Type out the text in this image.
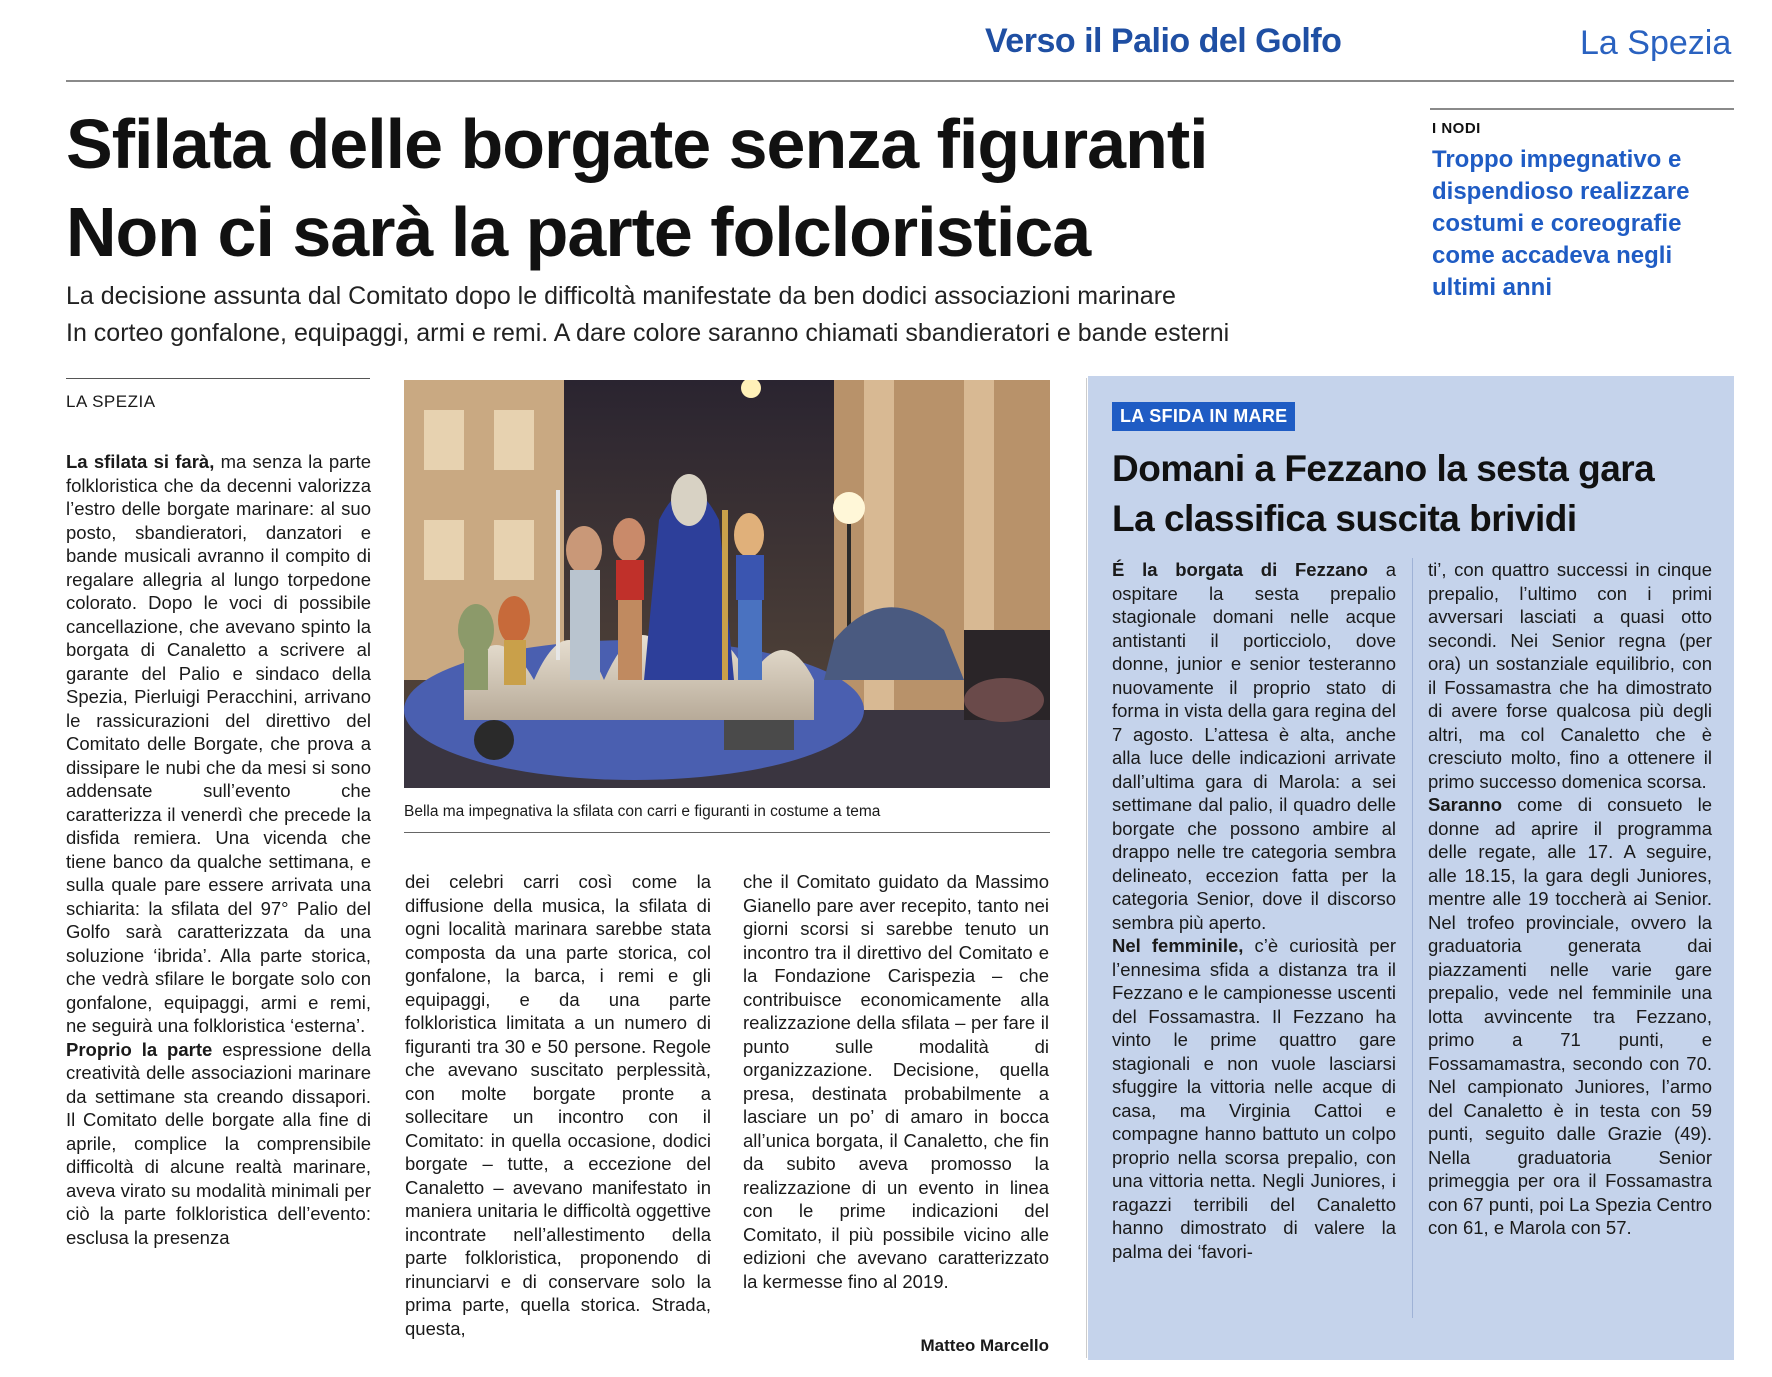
Verso il Palio del Golfo	La Spezia
Sfilata delle borgate senza figuranti
Non ci sarà la parte folcloristica
La decisione assunta dal Comitato dopo le difficoltà manifestate da ben dodici associazioni marinare
In corteo gonfalone, equipaggi, armi e remi. A dare colore saranno chiamati sbandieratori e bande esterni
I NODI
Troppo impegnativo e dispendioso realizzare costumi e coreografie come accadeva negli ultimi anni
LA SPEZIA

La sfilata si farà, ma senza la parte folkloristica che da decenni valorizza l’estro delle borgate marinare: al suo posto, sbandieratori, danzatori e bande musicali avranno il compito di regalare allegria al lungo torpedone colorato. Dopo le voci di possibile cancellazione, che avevano spinto la borgata di Canaletto a scrivere al garante del Palio e sindaco della Spezia, Pierluigi Peracchini, arrivano le rassicurazioni del direttivo del Comitato delle Borgate, che prova a dissipare le nubi che da mesi si sono addensate sull’evento che caratterizza il venerdì che precede la disfida remiera. Una vicenda che tiene banco da qualche settimana, e sulla quale pare essere arrivata una schiarita: la sfilata del 97° Palio del Golfo sarà caratterizzata da una soluzione ‘ibrida’. Alla parte storica, che vedrà sfilare le borgate solo con gonfalone, equipaggi, armi e remi, ne seguirà una folkloristica ‘esterna’.

Proprio la parte espressione della creatività delle associazioni marinare da settimane sta creando dissapori. Il Comitato delle borgate alla fine di aprile, complice la comprensibile difficoltà di alcune realtà marinare, aveva virato su modalità minimali per ciò la parte folkloristica dell’evento: esclusa la presenza

Bella ma impegnativa la sfilata con carri e figuranti in costume a tema

dei celebri carri così come la diffusione della musica, la sfilata di ogni località marinara sarebbe stata composta da una parte storica, col gonfalone, la barca, i remi e gli equipaggi, e da una parte folkloristica limitata a un numero di figuranti tra 30 e 50 persone. Regole che avevano suscitato perplessità, con molte borgate pronte a sollecitare un incontro con il Comitato: in quella occasione, dodici borgate – tutte, a eccezione del Canaletto – avevano manifestato in maniera unitaria le difficoltà oggettive incontrate nell’allestimento della parte folkloristica, proponendo di rinunciarvi e di conservare solo la prima parte, quella storica. Strada, questa,

che il Comitato guidato da Massimo Gianello pare aver recepito, tanto nei giorni scorsi si sarebbe tenuto un incontro tra il direttivo del Comitato e la Fondazione Carispezia – che contribuisce economicamente alla realizzazione della sfilata – per fare il punto sulle modalità di organizzazione. Decisione, quella presa, destinata probabilmente a lasciare un po’ di amaro in bocca all’unica borgata, il Canaletto, che fin da subito aveva promosso la realizzazione di un evento in linea con le prime indicazioni del Comitato, il più possibile vicino alle edizioni che avevano caratterizzato la kermesse fino al 2019.

Matteo Marcello
LA SFIDA IN MARE
Domani a Fezzano la sesta gara
La classifica suscita brividi

É la borgata di Fezzano a ospitare la sesta prepalio stagionale domani nelle acque antistanti il porticciolo, dove donne, junior e senior testeranno nuovamente il proprio stato di forma in vista della gara regina del 7 agosto. L’attesa è alta, anche alla luce delle indicazioni arrivate dall’ultima gara di Marola: a sei settimane dal palio, il quadro delle borgate che possono ambire al drappo nelle tre categoria sembra delineato, eccezion fatta per la categoria Senior, dove il discorso sembra più aperto.

Nel femminile, c’è curiosità per l’ennesima sfida a distanza tra il Fezzano e le campionesse uscenti del Fossamastra. Il Fezzano ha vinto le prime quattro gare stagionali e non vuole lasciarsi sfuggire la vittoria nelle acque di casa, ma Virginia Cattoi e compagne hanno battuto un colpo proprio nella scorsa prepalio, con una vittoria netta. Negli Juniores, i ragazzi terribili del Canaletto hanno dimostrato di valere la palma dei ‘favori-

ti’, con quattro successi in cinque prepalio, l’ultimo con i primi avversari lasciati a quasi otto secondi. Nei Senior regna (per ora) un sostanziale equilibrio, con il Fossamastra che ha dimostrato di avere forse qualcosa più degli altri, ma col Canaletto che è cresciuto molto, fino a ottenere il primo successo domenica scorsa.

Saranno come di consueto le donne ad aprire il programma delle regate, alle 17. A seguire, alle 18.15, la gara degli Juniores, mentre alle 19 toccherà ai Senior. Nel trofeo provinciale, ovvero la graduatoria generata dai piazzamenti nelle varie gare prepalio, vede nel femminile una lotta avvincente tra Fezzano, primo a 71 punti, e Fossamamastra, secondo con 70. Nel campionato Juniores, l’armo del Canaletto è in testa con 59 punti, seguito dalle Grazie (49). Nella graduatoria Senior primeggia per ora il Fossamastra con 67 punti, poi La Spezia Centro con 61, e Marola con 57.
